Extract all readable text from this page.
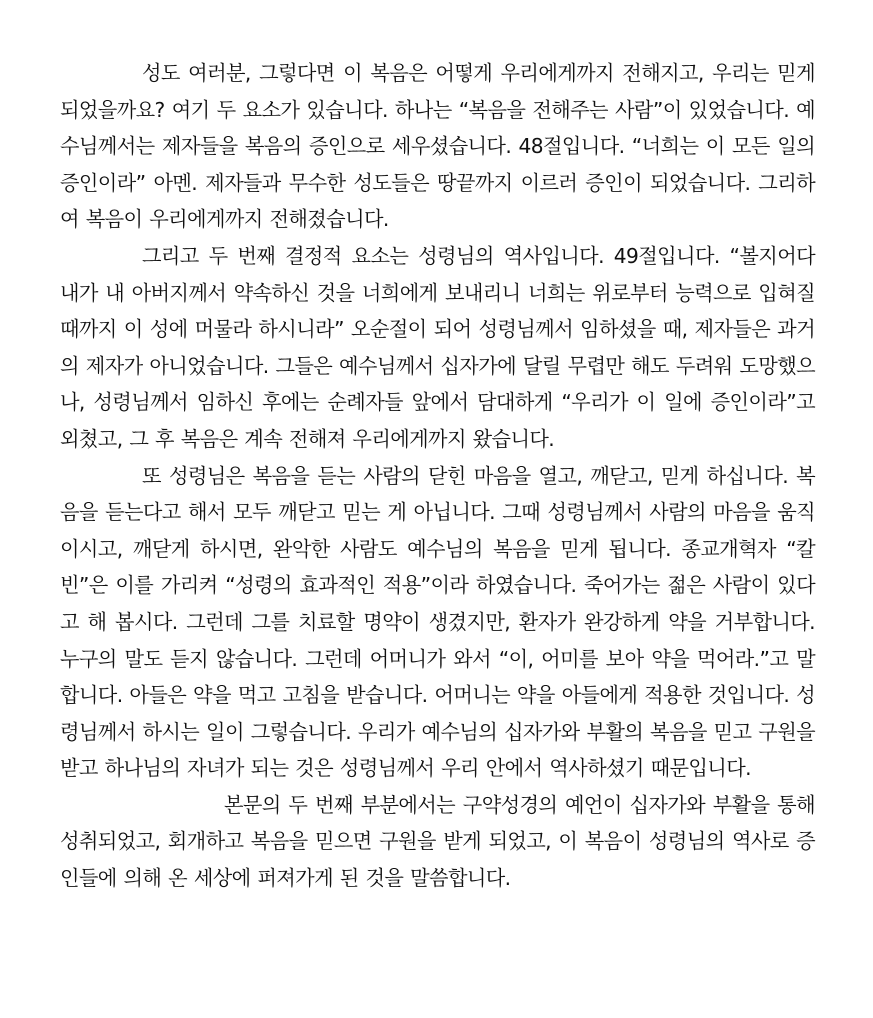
성도 여러분, 그렇다면 이 복음은 어떻게 우리에게까지 전해지고, 우리는 믿게 되었을까요? 여기 두 요소가 있습니다. 하나는 “복음을 전해주는 사람”이 있었습니다. 예수님께서는 제자들을 복음의 증인으로 세우셨습니다. 48절입니다. “너희는 이 모든 일의 증인이라” 아멘. 제자들과 무수한 성도들은 땅끝까지 이르러 증인이 되었습니다. 그리하여 복음이 우리에게까지 전해졌습니다.

그리고 두 번째 결정적 요소는 성령님의 역사입니다. 49절입니다. “볼지어다 내가 내 아버지께서 약속하신 것을 너희에게 보내리니 너희는 위로부터 능력으로 입혀질 때까지 이 성에 머물라 하시니라” 오순절이 되어 성령님께서 임하셨을 때, 제자들은 과거의 제자가 아니었습니다. 그들은 예수님께서 십자가에 달릴 무렵만 해도 두려워 도망했으나, 성령님께서 임하신 후에는 순례자들 앞에서 담대하게 “우리가 이 일에 증인이라”고 외쳤고, 그 후 복음은 계속 전해져 우리에게까지 왔습니다.

또 성령님은 복음을 듣는 사람의 닫힌 마음을 열고, 깨닫고, 믿게 하십니다. 복음을 듣는다고 해서 모두 깨닫고 믿는 게 아닙니다. 그때 성령님께서 사람의 마음을 움직이시고, 깨닫게 하시면, 완악한 사람도 예수님의 복음을 믿게 됩니다. 종교개혁자 “칼빈”은 이를 가리켜 “성령의 효과적인 적용”이라 하였습니다. 죽어가는 젊은 사람이 있다고 해 봅시다. 그런데 그를 치료할 명약이 생겼지만, 환자가 완강하게 약을 거부합니다. 누구의 말도 듣지 않습니다. 그런데 어머니가 와서 “이, 어미를 보아 약을 먹어라.”고 말합니다. 아들은 약을 먹고 고침을 받습니다. 어머니는 약을 아들에게 적용한 것입니다. 성령님께서 하시는 일이 그렇습니다. 우리가 예수님의 십자가와 부활의 복음을 믿고 구원을 받고 하나님의 자녀가 되는 것은 성령님께서 우리 안에서 역사하셨기 때문입니다.

본문의 두 번째 부분에서는 구약성경의 예언이 십자가와 부활을 통해 성취되었고, 회개하고 복음을 믿으면 구원을 받게 되었고, 이 복음이 성령님의 역사로 증인들에 의해 온 세상에 퍼져가게 된 것을 말씀합니다.
